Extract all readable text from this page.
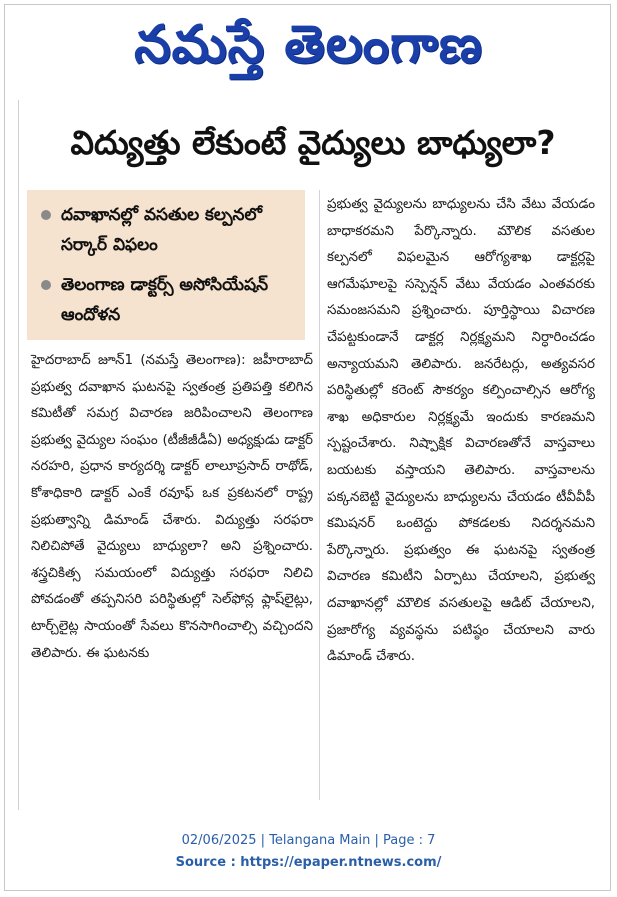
నమస్తే తెలంగాణ
విద్యుత్తు లేకుంటే వైద్యులు బాధ్యులా?
దవాఖానల్లో వసతుల కల్పనలో సర్కార్‌ విఫలం
తెలంగాణ డాక్టర్స్‌ అసోసియేషన్‌ ఆందోళన
హైదరాబాద్‌ జూన్‌1 (నమస్తే తెలంగాణ): జహీరాబాద్‌ ప్రభుత్వ దవాఖాన ఘటనపై స్వతంత్ర ప్రతిపత్తి కలిగిన కమిటీతో సమగ్ర విచారణ జరిపించాలని తెలంగాణ ప్రభుత్వ వైద్యుల సంఘం (టీజీజీడీఏ) అధ్యక్షుడు డాక్టర్‌ నరహరి, ప్రధాన కార్యదర్శి డాక్టర్‌ లాలూప్రసాద్‌ రాథోడ్‌, కోశాధికారి డాక్టర్‌ ఎంకే రవూఫ్‌ ఒక ప్రకటనలో రాష్ట్ర ప్రభుత్వాన్ని డిమాండ్‌ చేశారు. విద్యుత్తు సరఫరా నిలిచిపోతే వైద్యులు బాధ్యులా? అని ప్రశ్నించారు. శస్త్రచికిత్స సమయంలో విద్యుత్తు సరఫరా నిలిచి పోవడంతో తప్పనిసరి పరిస్థితుల్లో సెల్‌ఫోన్ల ఫ్లాష్‌లైట్లు, టార్చ్‌లైట్ల సాయంతో సేవలు కొనసాగించాల్సి వచ్చిందని తెలిపారు. ఈ ఘటనకు
ప్రభుత్వ వైద్యులను బాధ్యులను చేసి వేటు వేయడం బాధాకరమని పేర్కొన్నారు. మౌలిక వసతుల కల్పనలో విఫలమైన ఆరోగ్యశాఖ డాక్టర్లపై ఆగమేఘాలపై సస్పెన్షన్‌ వేటు వేయడం ఎంతవరకు సమంజసమని ప్రశ్నించారు. పూర్తిస్థాయి విచారణ చేపట్టకుండానే డాక్టర్ల నిర్లక్ష్యమని నిర్ధారించడం అన్యాయమని తెలిపారు. జనరేటర్లు, అత్యవసర పరిస్థితుల్లో కరెంట్‌ సౌకర్యం కల్పించాల్సిన ఆరోగ్య శాఖ అధికారుల నిర్లక్ష్యమే ఇందుకు కారణమని స్పష్టంచేశారు. నిష్పాక్షిక విచారణతోనే వాస్తవాలు బయటకు వస్తాయని తెలిపారు. వాస్తవాలను పక్కనబెట్టి వైద్యులను బాధ్యులను చేయడం టీవీవీపీ కమిషనర్‌ ఒంటెద్దు పోకడలకు నిదర్శనమని పేర్కొన్నారు. ప్రభుత్వం ఈ ఘటనపై స్వతంత్ర విచారణ కమిటీని ఏర్పాటు చేయాలని, ప్రభుత్వ దవాఖానల్లో మౌలిక వసతులపై ఆడిట్‌ చేయాలని, ప్రజారోగ్య వ్యవస్థను పటిష్ఠం చేయాలని వారు డిమాండ్‌ చేశారు.
02/06/2025 | Telangana Main | Page : 7
Source : https://epaper.ntnews.com/
